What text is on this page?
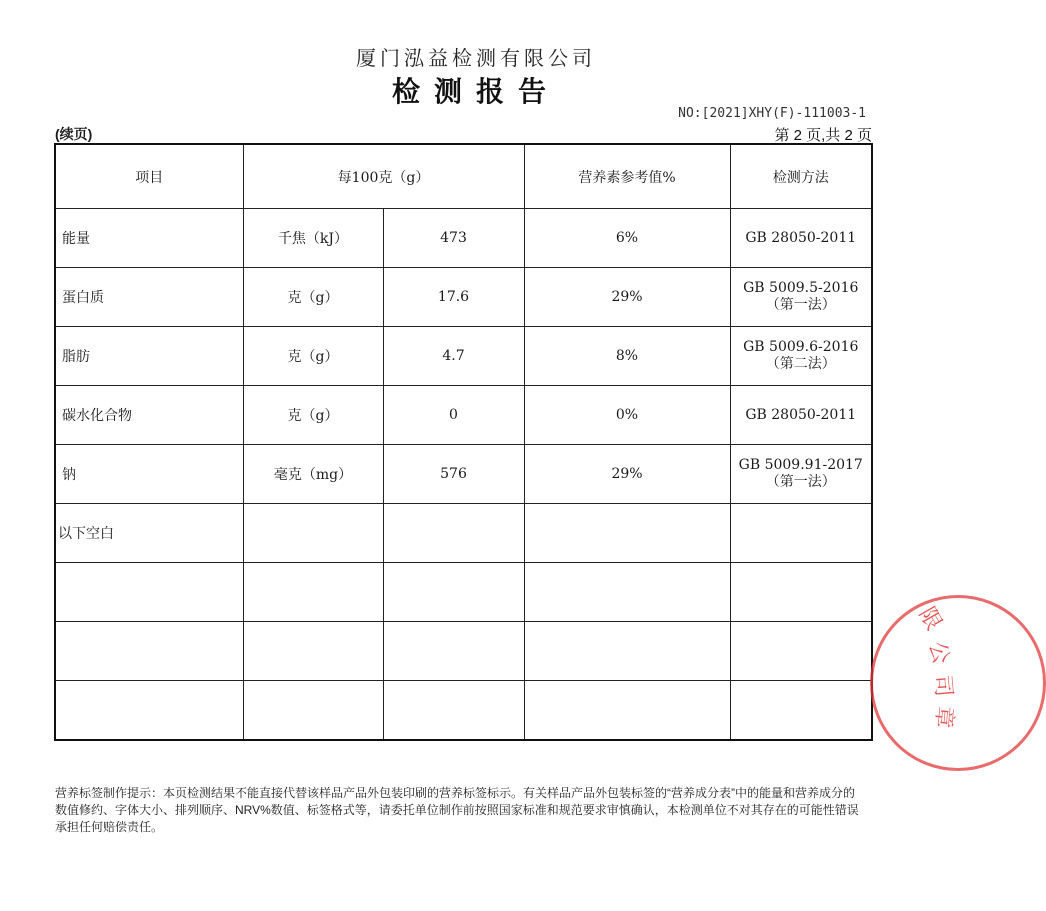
厦门泓益检测有限公司
检测报告
NO:[2021]XHY(F)-111003-1
(续页)	第 2 页,共 2 页
项目	每100克（g）		营养素参考值%	检测方法
能量	千焦（kJ）	473	6%	GB 28050-2011
蛋白质	克（g）	17.6	29%	GB 5009.5-2016（第一法）
脂肪	克（g）	4.7	8%	GB 5009.6-2016（第二法）
碳水化合物	克（g）	0	0%	GB 28050-2011
钠	毫克（mg）	576	29%	GB 5009.91-2017（第一法）
以下空白				

营养标签制作提示：本页检测结果不能直接代替该样品产品外包装印刷的营养标签标示。有关样品产品外包装标签的“营养成分表”中的能量和营养成分的数值修约、字体大小、排列顺序、NRV%数值、标签格式等，请委托单位制作前按照国家标准和规范要求审慎确认，本检测单位不对其存在的可能性错误承担任何赔偿责任。
限
公
司
章
